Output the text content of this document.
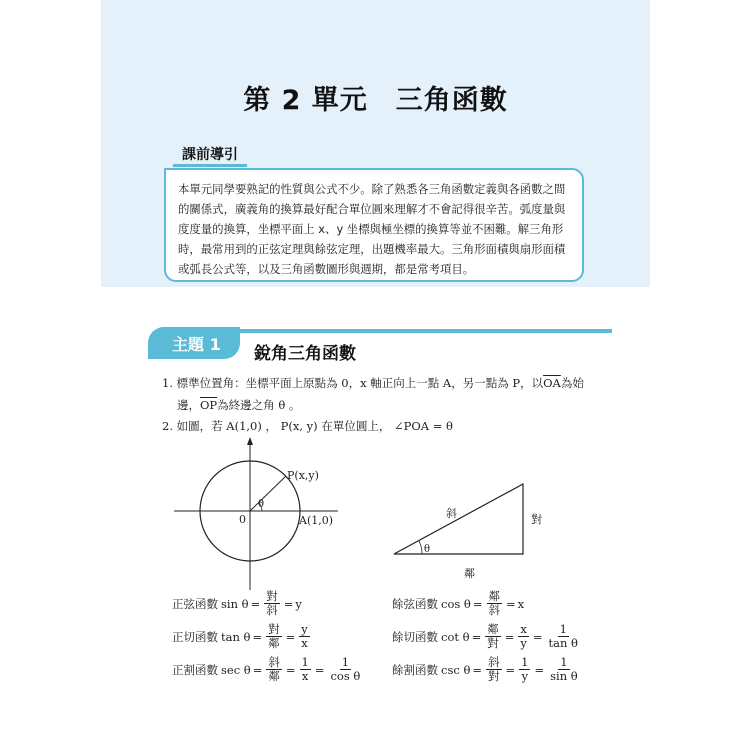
第 2 單元 三角函數
課前導引
本單元同學要熟記的性質與公式不少。除了熟悉各三角函數定義與各函數之間的關係式，廣義角的換算最好配合單位圓來理解才不會記得很辛苦。弧度量與度度量的換算，坐標平面上 x、y 坐標與極坐標的換算等並不困難。解三角形時，最常用到的正弦定理與餘弦定理，出題機率最大。三角形面積與扇形面積或弧長公式等，以及三角函數圖形與週期，都是常考項目。
主題 1 銳角三角函數
1. 標準位置角：坐標平面上原點為 0，x 軸正向上一點 A，另一點為 P，以$\overline{OA}$為始
邊，$\overline{OP}$為終邊之角 θ 。
2. 如圖，若 A(1,0) ， P(x, y) 在單位圓上， ∠POA = θ
P(x,y)
A(1,0)
0
θ
斜	對
鄰
θ
正弦函數 $\sin \theta = \frac{\text{對}}{\text{斜}} = y$
正切函數 $\tan \theta = \frac{\text{對}}{\text{鄰}} = \frac{y}{x}$
正割函數 $\sec \theta = \frac{\text{斜}}{\text{鄰}} = \frac{1}{x} = \frac{1}{\text{cos θ}}$
餘弦函數 $\cos \theta = \frac{\text{鄰}}{\text{斜}} = x$
餘切函數 $\cot \theta = \frac{\text{鄰}}{\text{對}} = \frac{x}{y} = \frac{1}{\text{tan θ}}$
餘割函數 $\csc \theta = \frac{\text{斜}}{\text{對}} = \frac{1}{y} = \frac{1}{\text{sin θ}}$
